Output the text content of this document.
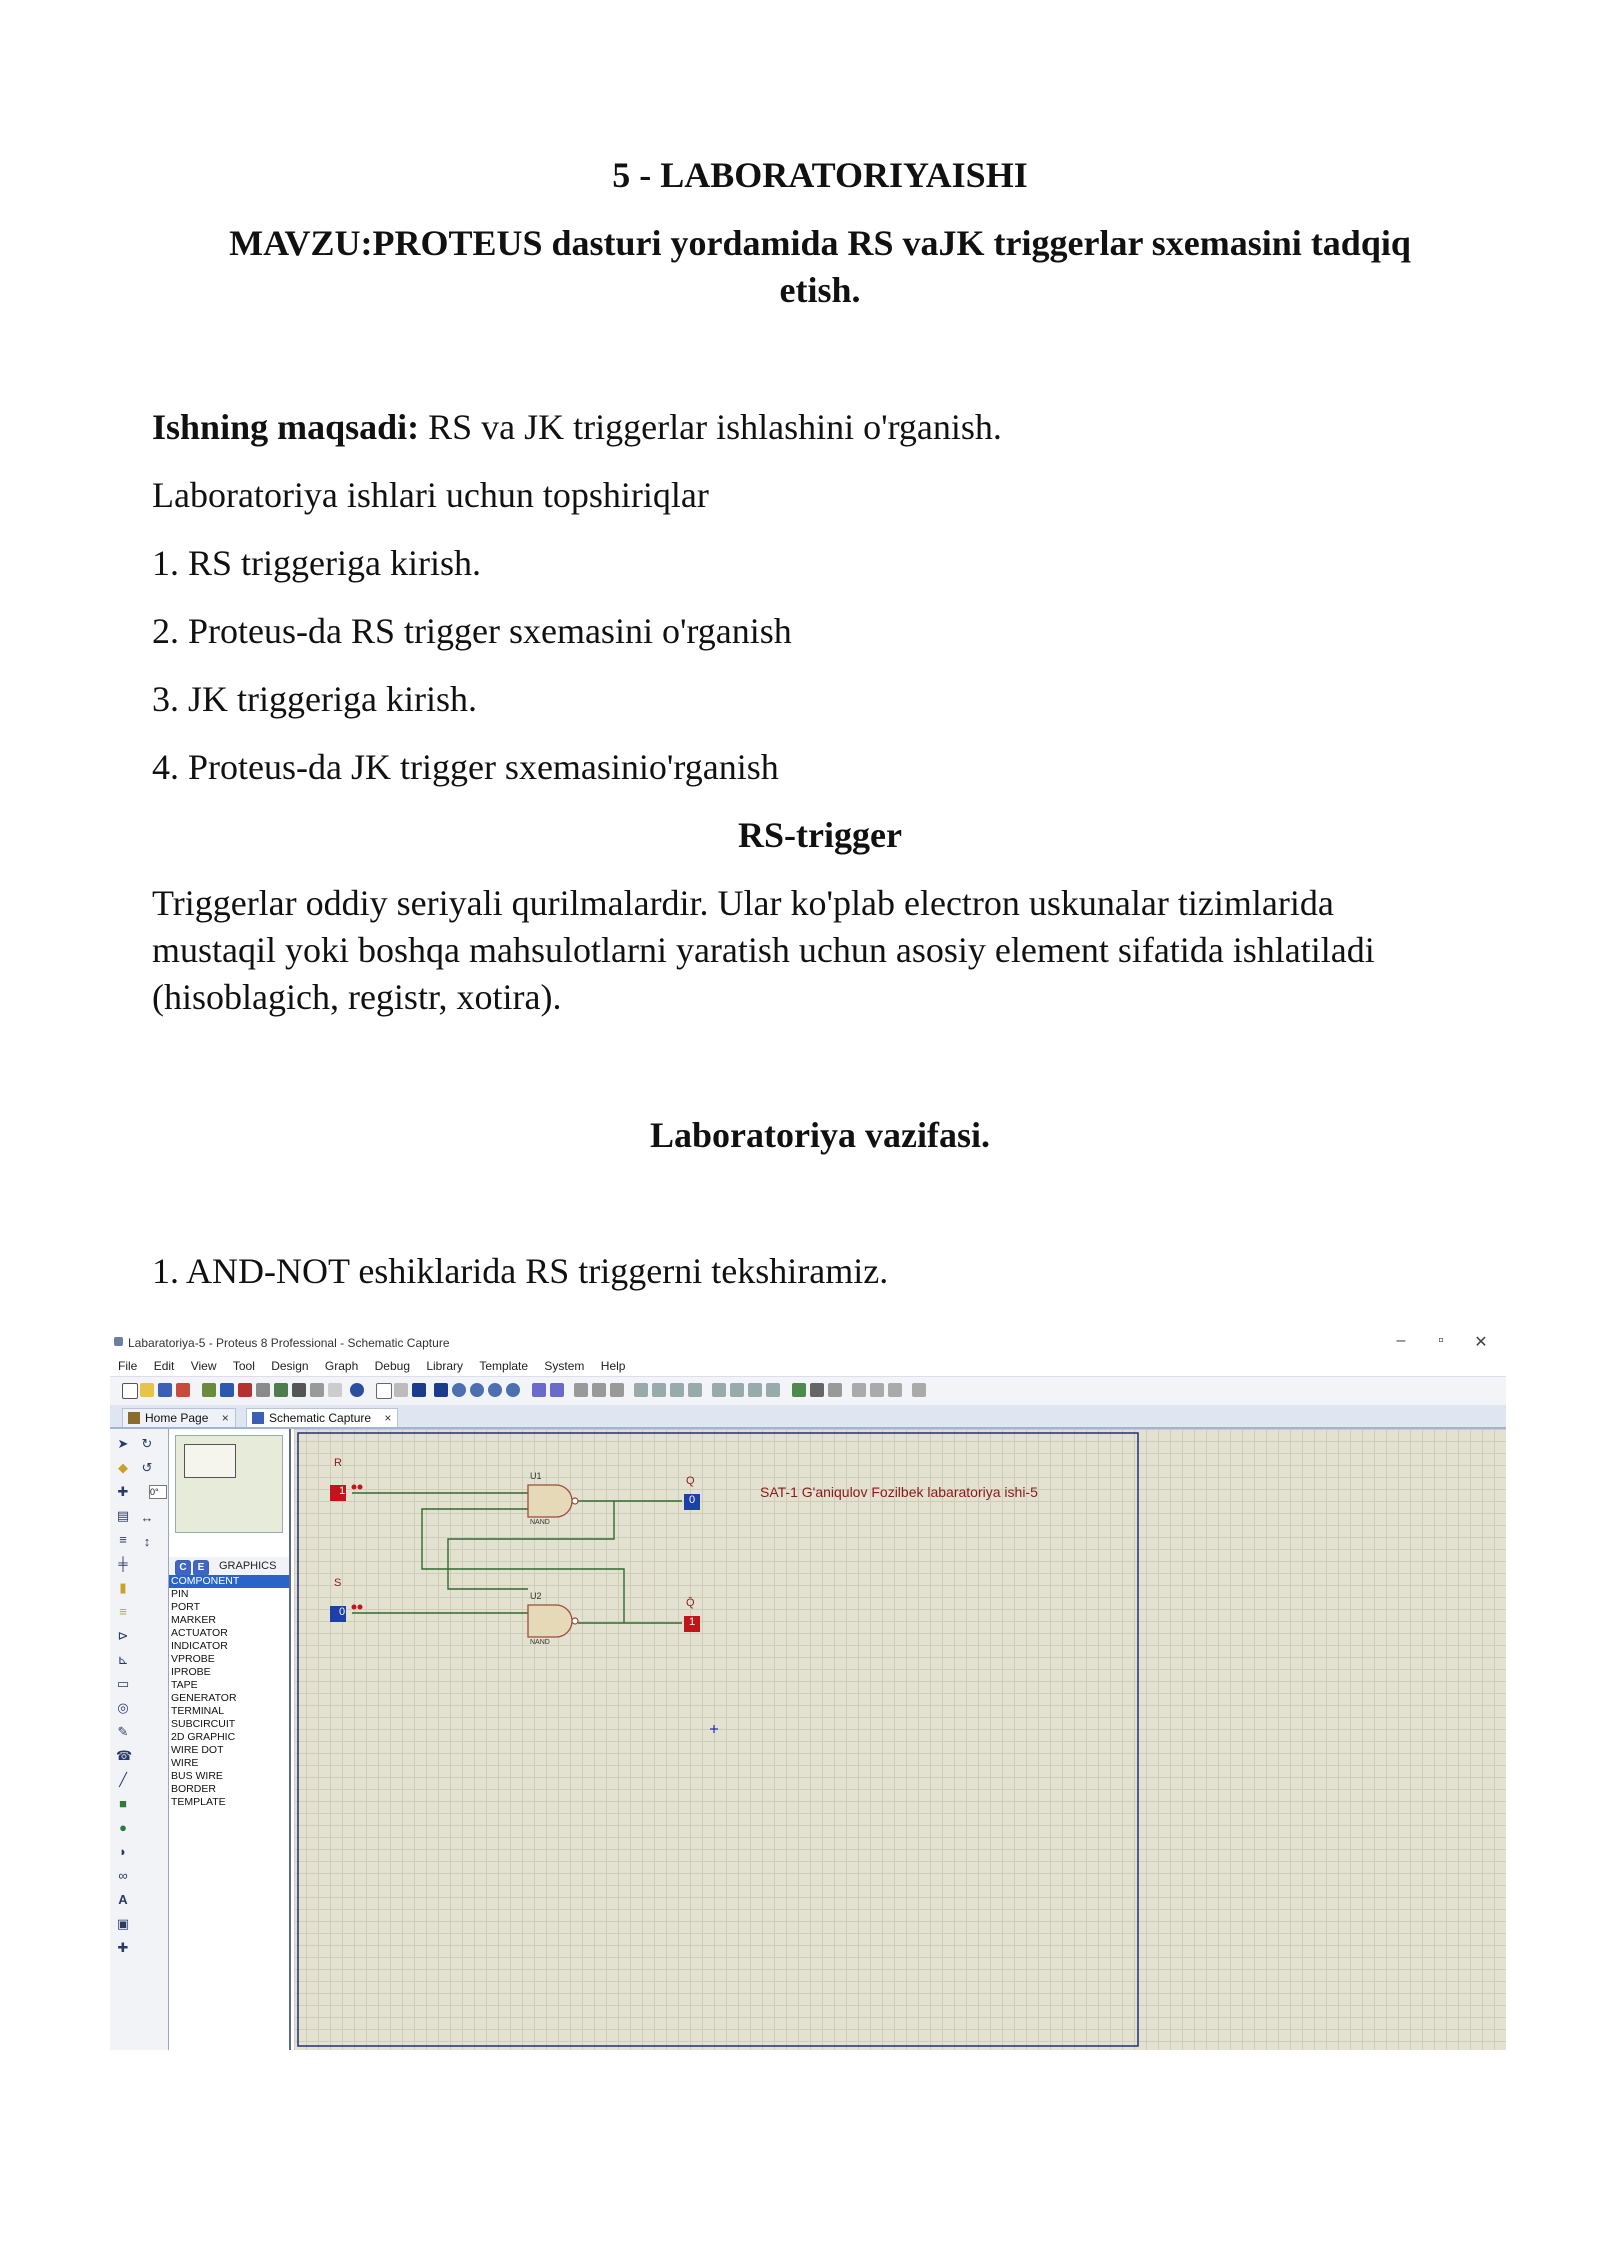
5 - LABORATORIYAISHI
MAVZU:PROTEUS dasturi yordamida RS vaJK triggerlar sxemasini tadqiq
etish.
Ishning maqsadi: RS va JK triggerlar ishlashini o'rganish.
Laboratoriya ishlari uchun topshiriqlar
1. RS triggeriga kirish.
2. Proteus-da RS trigger sxemasini o'rganish
3. JK triggeriga kirish.
4. Proteus-da JK trigger sxemasinio'rganish
RS-trigger
Triggerlar oddiy seriyali qurilmalardir. Ular ko'plab electron uskunalar tizimlarida
mustaqil yoki boshqa mahsulotlarni yaratish uchun asosiy element sifatida ishlatiladi
(hisoblagich, registr, xotira).
Laboratoriya vazifasi.
1. AND-NOT eshiklarida RS triggerni tekshiramiz.
Labaratoriya-5 - Proteus 8 Professional - Schematic Capture	–	▫	✕
File Edit View Tool Design Graph Debug Library Template System Help
Home Page ×	Schematic Capture ×
➤
◆
✚
▤
≡
╪
▮
≡
⊳
⊾
▭
◎
✎
☎
╱
■
●
◗
∞
A
▣
✚
↻
↺
↔
↕
0°
C	E	GRAPHICS
COMPONENT
PIN
PORT
MARKER
ACTUATOR
INDICATOR
VPROBE
IPROBE
TAPE
GENERATOR
TERMINAL
SUBCIRCUIT
2D GRAPHIC
WIRE DOT
WIRE
BUS WIRE
BORDER
TEMPLATE
R
1
S
0
U1
NAND
U2
NAND
Q
0
Q̄
1
SAT-1 G'aniqulov Fozilbek labaratoriya ishi-5
